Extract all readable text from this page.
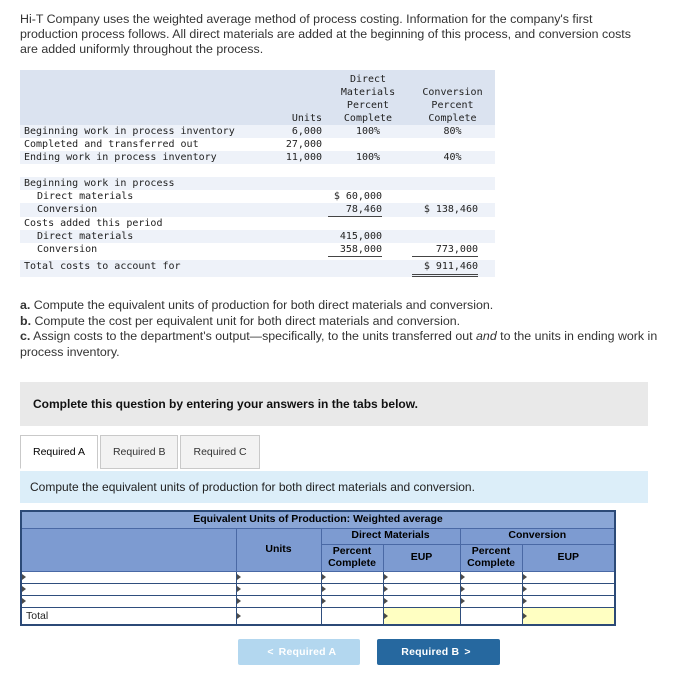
Hi-T Company uses the weighted average method of process costing. Information for the company's first production process follows. All direct materials are added at the beginning of this process, and conversion costs are added uniformly throughout the process.

Direct
Materials	Conversion
Percent	Percent
Units	Complete	Complete
Beginning work in process inventory	6,000	100%	80%
Completed and transferred out	27,000
Ending work in process inventory	11,000	100%	40%
Beginning work in process
Direct materials	$ 60,000
Conversion	78,460	$ 138,460
Costs added this period
Direct materials	415,000
Conversion	358,000	773,000
Total costs to account for	$ 911,460
a. Compute the equivalent units of production for both direct materials and conversion.
b. Compute the cost per equivalent unit for both direct materials and conversion.
c. Assign costs to the department's output—specifically, to the units transferred out and to the units in ending work in process inventory.
Complete this question by entering your answers in the tabs below.
Required A	Required B	Required C
Compute the equivalent units of production for both direct materials and conversion.
Equivalent Units of Production: Weighted average					
	Units	Direct Materials		Conversion	
		Percent Complete	EUP	Percent Complete	EUP

Total	

< Required A	Required B >
